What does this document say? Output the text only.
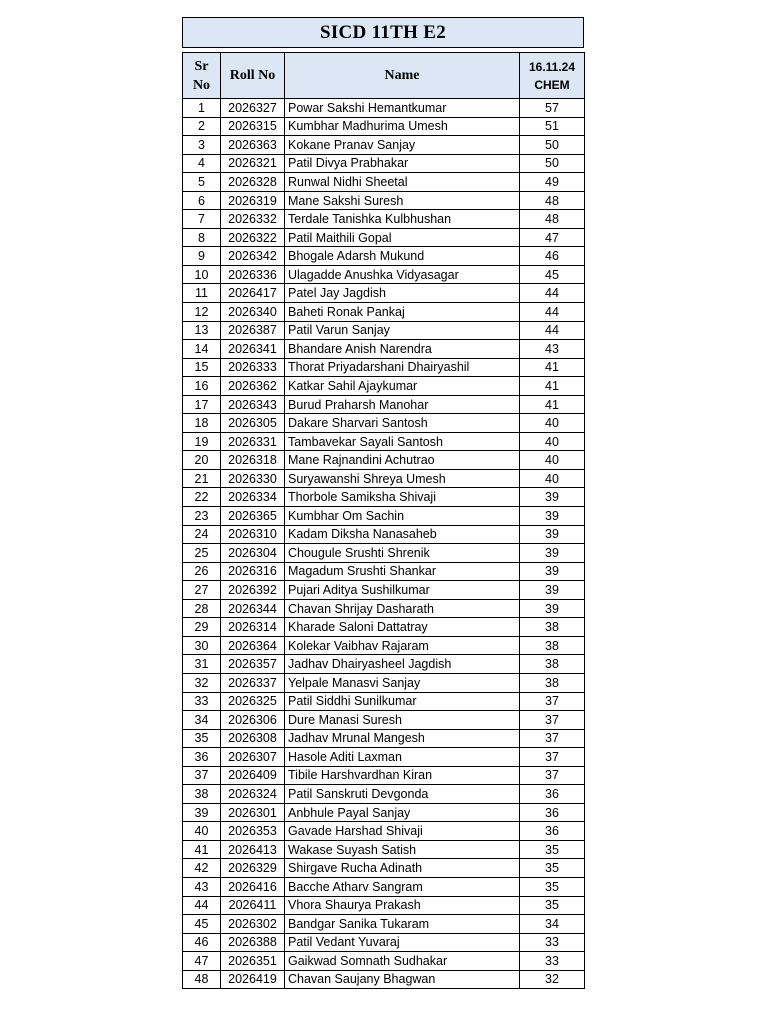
SICD 11TH E2
Sr
No	Roll No	Name	16.11.24
CHEM
1	2026327	Powar Sakshi Hemantkumar	57
2	2026315	Kumbhar Madhurima Umesh	51
3	2026363	Kokane Pranav Sanjay	50
4	2026321	Patil Divya Prabhakar	50
5	2026328	Runwal Nidhi Sheetal	49
6	2026319	Mane Sakshi Suresh	48
7	2026332	Terdale Tanishka Kulbhushan	48
8	2026322	Patil Maithili Gopal	47
9	2026342	Bhogale Adarsh Mukund	46
10	2026336	Ulagadde Anushka Vidyasagar	45
11	2026417	Patel Jay Jagdish	44
12	2026340	Baheti Ronak Pankaj	44
13	2026387	Patil Varun Sanjay	44
14	2026341	Bhandare Anish Narendra	43
15	2026333	Thorat Priyadarshani Dhairyashil	41
16	2026362	Katkar Sahil Ajaykumar	41
17	2026343	Burud Praharsh Manohar	41
18	2026305	Dakare Sharvari Santosh	40
19	2026331	Tambavekar Sayali Santosh	40
20	2026318	Mane Rajnandini Achutrao	40
21	2026330	Suryawanshi Shreya Umesh	40
22	2026334	Thorbole Samiksha Shivaji	39
23	2026365	Kumbhar Om Sachin	39
24	2026310	Kadam Diksha Nanasaheb	39
25	2026304	Chougule Srushti Shrenik	39
26	2026316	Magadum Srushti Shankar	39
27	2026392	Pujari Aditya Sushilkumar	39
28	2026344	Chavan Shrijay Dasharath	39
29	2026314	Kharade Saloni Dattatray	38
30	2026364	Kolekar Vaibhav Rajaram	38
31	2026357	Jadhav Dhairyasheel Jagdish	38
32	2026337	Yelpale Manasvi Sanjay	38
33	2026325	Patil Siddhi Sunilkumar	37
34	2026306	Dure Manasi Suresh	37
35	2026308	Jadhav Mrunal Mangesh	37
36	2026307	Hasole Aditi Laxman	37
37	2026409	Tibile Harshvardhan Kiran	37
38	2026324	Patil Sanskruti Devgonda	36
39	2026301	Anbhule Payal Sanjay	36
40	2026353	Gavade Harshad Shivaji	36
41	2026413	Wakase Suyash Satish	35
42	2026329	Shirgave Rucha Adinath	35
43	2026416	Bacche Atharv Sangram	35
44	2026411	Vhora Shaurya Prakash	35
45	2026302	Bandgar Sanika Tukaram	34
46	2026388	Patil Vedant Yuvaraj	33
47	2026351	Gaikwad Somnath Sudhakar	33
48	2026419	Chavan Saujany Bhagwan	32
